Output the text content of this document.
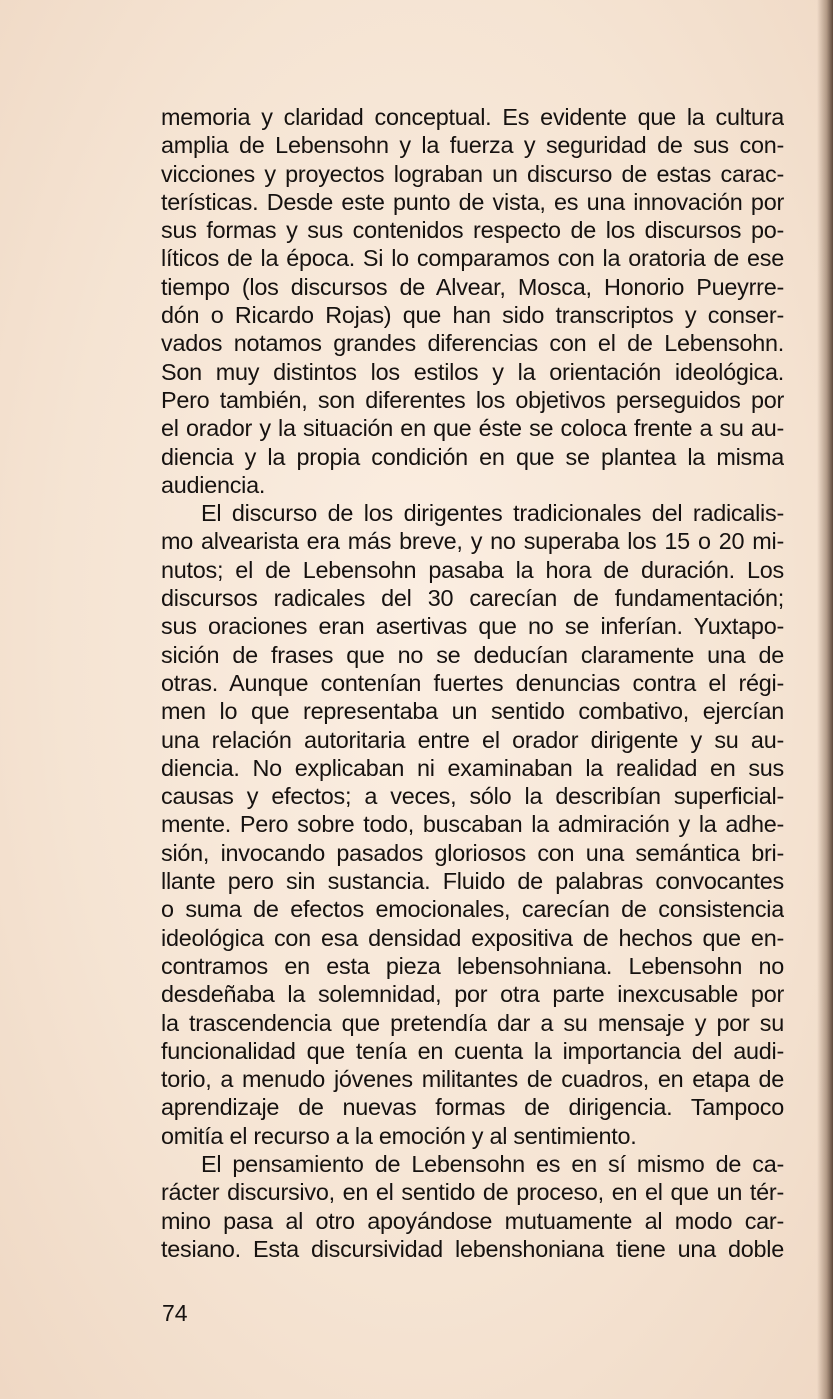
memoria y claridad conceptual. Es evidente que la cultura
amplia de Lebensohn y la fuerza y seguridad de sus con-
vicciones y proyectos lograban un discurso de estas carac-
terísticas. Desde este punto de vista, es una innovación por
sus formas y sus contenidos respecto de los discursos po-
líticos de la época. Si lo comparamos con la oratoria de ese
tiempo (los discursos de Alvear, Mosca, Honorio Pueyrre-
dón o Ricardo Rojas) que han sido transcriptos y conser-
vados notamos grandes diferencias con el de Lebensohn.
Son muy distintos los estilos y la orientación ideológica.
Pero también, son diferentes los objetivos perseguidos por
el orador y la situación en que éste se coloca frente a su au-
diencia y la propia condición en que se plantea la misma
audiencia.
El discurso de los dirigentes tradicionales del radicalis-
mo alvearista era más breve, y no superaba los 15 o 20 mi-
nutos; el de Lebensohn pasaba la hora de duración. Los
discursos radicales del 30 carecían de fundamentación;
sus oraciones eran asertivas que no se inferían. Yuxtapo-
sición de frases que no se deducían claramente una de
otras. Aunque contenían fuertes denuncias contra el régi-
men lo que representaba un sentido combativo, ejercían
una relación autoritaria entre el orador dirigente y su au-
diencia. No explicaban ni examinaban la realidad en sus
causas y efectos; a veces, sólo la describían superficial-
mente. Pero sobre todo, buscaban la admiración y la adhe-
sión, invocando pasados gloriosos con una semántica bri-
llante pero sin sustancia. Fluido de palabras convocantes
o suma de efectos emocionales, carecían de consistencia
ideológica con esa densidad expositiva de hechos que en-
contramos en esta pieza lebensohniana. Lebensohn no
desdeñaba la solemnidad, por otra parte inexcusable por
la trascendencia que pretendía dar a su mensaje y por su
funcionalidad que tenía en cuenta la importancia del audi-
torio, a menudo jóvenes militantes de cuadros, en etapa de
aprendizaje de nuevas formas de dirigencia. Tampoco
omitía el recurso a la emoción y al sentimiento.
El pensamiento de Lebensohn es en sí mismo de ca-
rácter discursivo, en el sentido de proceso, en el que un tér-
mino pasa al otro apoyándose mutuamente al modo car-
tesiano. Esta discursividad lebenshoniana tiene una doble
74
